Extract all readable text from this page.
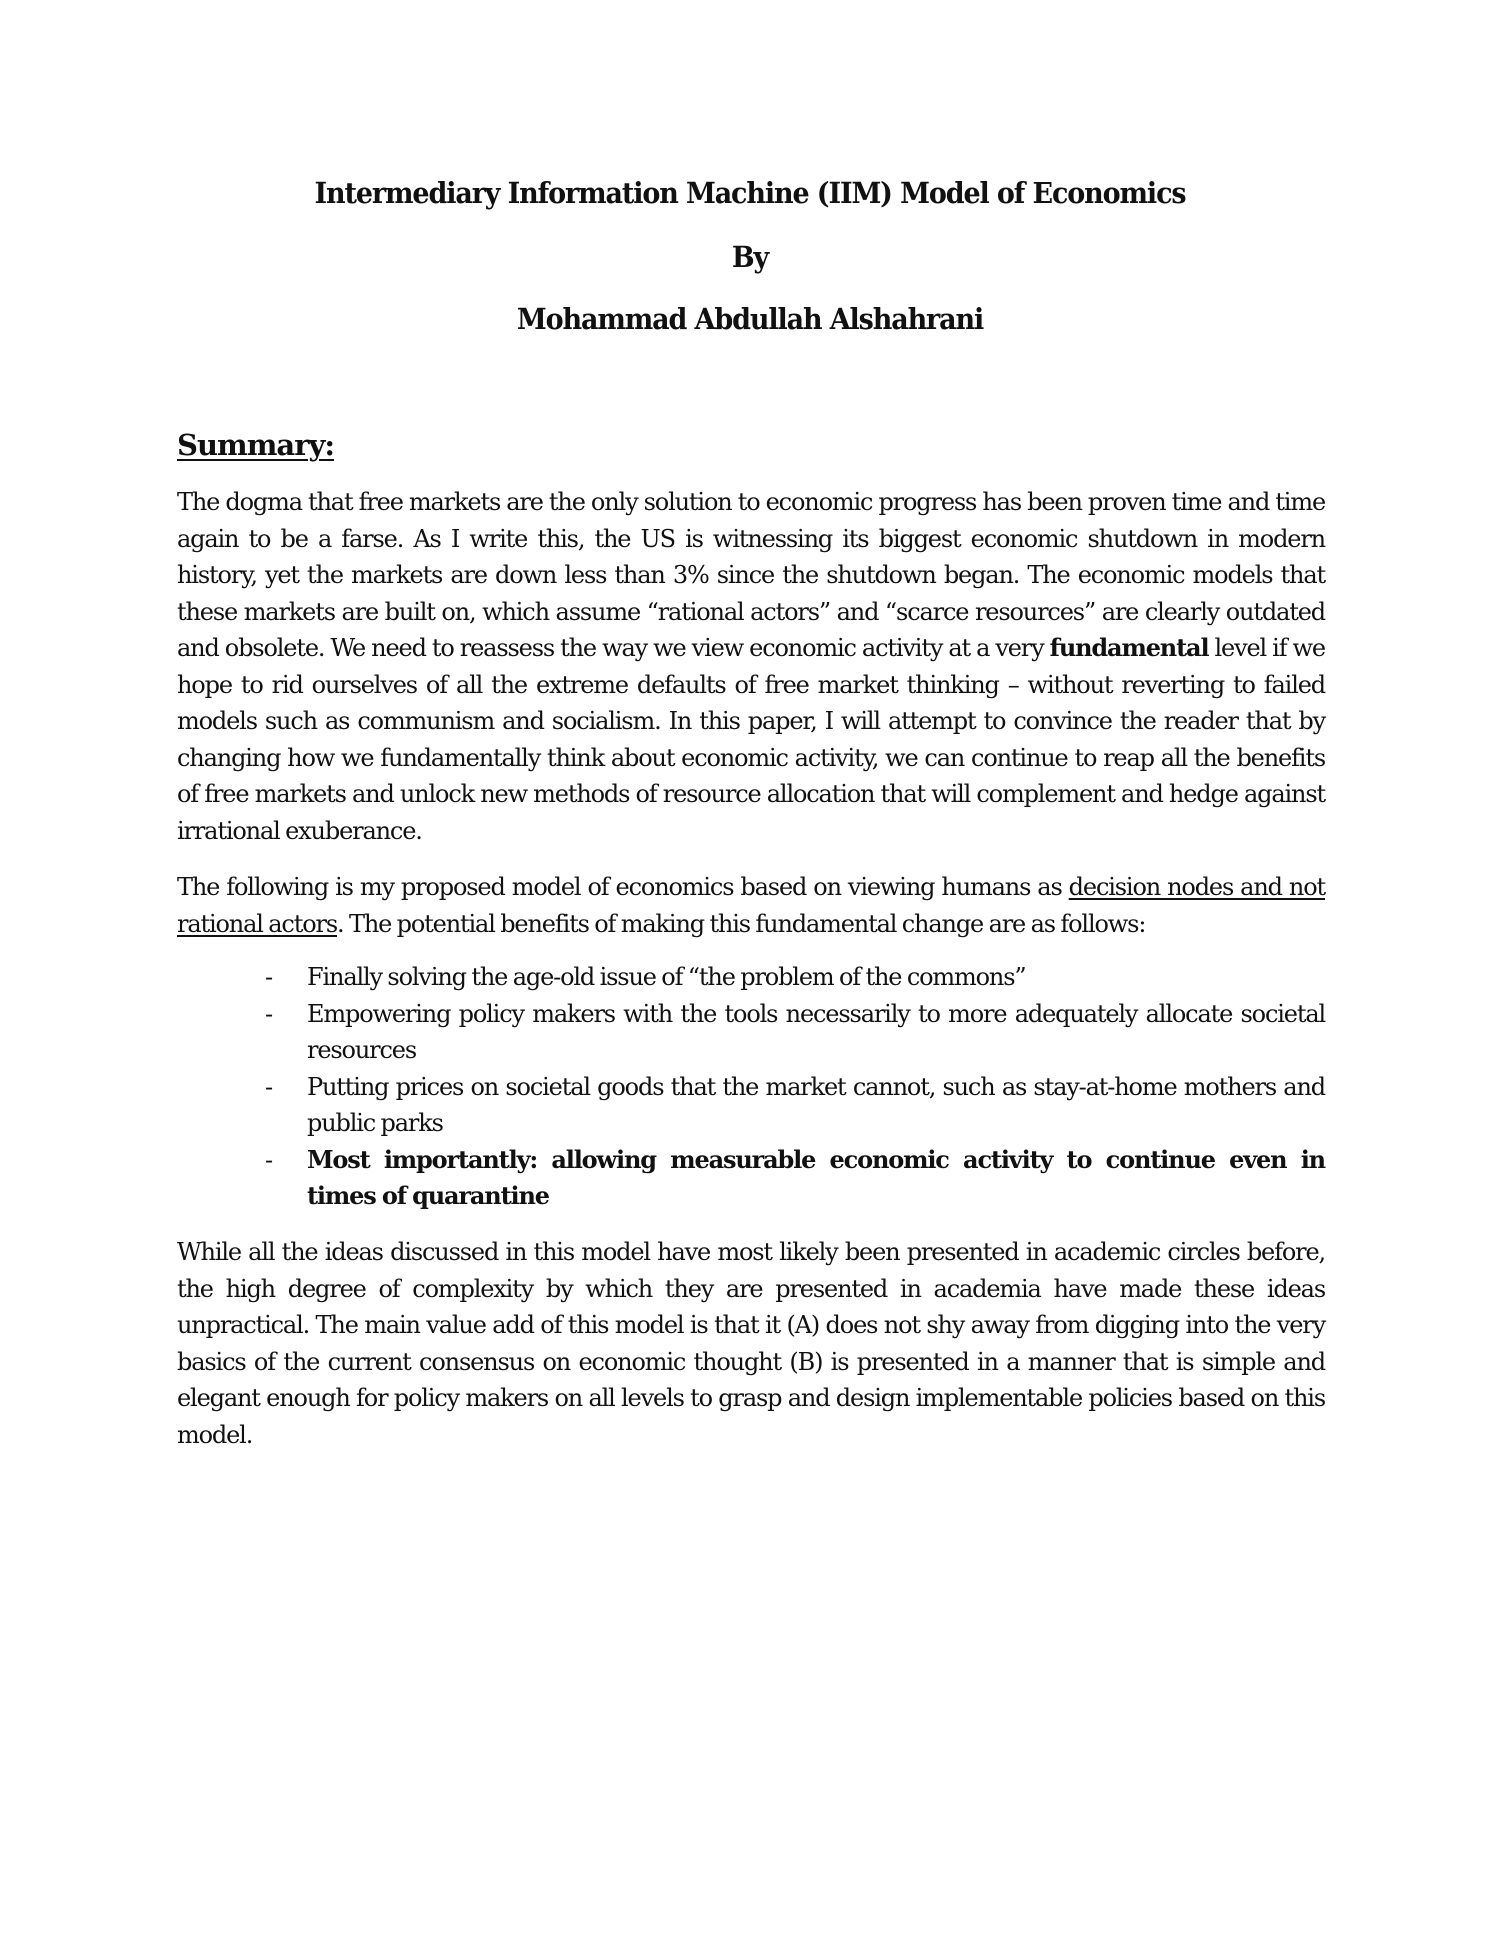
Intermediary Information Machine (IIM) Model of Economics
By
Mohammad Abdullah Alshahrani
Summary:

The dogma that free markets are the only solution to economic progress has been proven time and time again to be a farse. As I write this, the US is witnessing its biggest economic shutdown in modern history, yet the markets are down less than 3% since the shutdown began. The economic models that these markets are built on, which assume “rational actors” and “scarce resources” are clearly outdated and obsolete. We need to reassess the way we view economic activity at a very fundamental level if we hope to rid ourselves of all the extreme defaults of free market thinking – without reverting to failed models such as communism and socialism. In this paper, I will attempt to convince the reader that by changing how we fundamentally think about economic activity, we can continue to reap all the benefits of free markets and unlock new methods of resource allocation that will complement and hedge against irrational exuberance.

The following is my proposed model of economics based on viewing humans as decision nodes and not rational actors. The potential benefits of making this fundamental change are as follows:

- Finally solving the age-old issue of “the problem of the commons”
- Empowering policy makers with the tools necessarily to more adequately allocate societal resources
- Putting prices on societal goods that the market cannot, such as stay-at-home mothers and public parks
- Most importantly: allowing measurable economic activity to continue even in times of quarantine

While all the ideas discussed in this model have most likely been presented in academic circles before, the high degree of complexity by which they are presented in academia have made these ideas unpractical. The main value add of this model is that it (A) does not shy away from digging into the very basics of the current consensus on economic thought (B) is presented in a manner that is simple and elegant enough for policy makers on all levels to grasp and design implementable policies based on this model.
